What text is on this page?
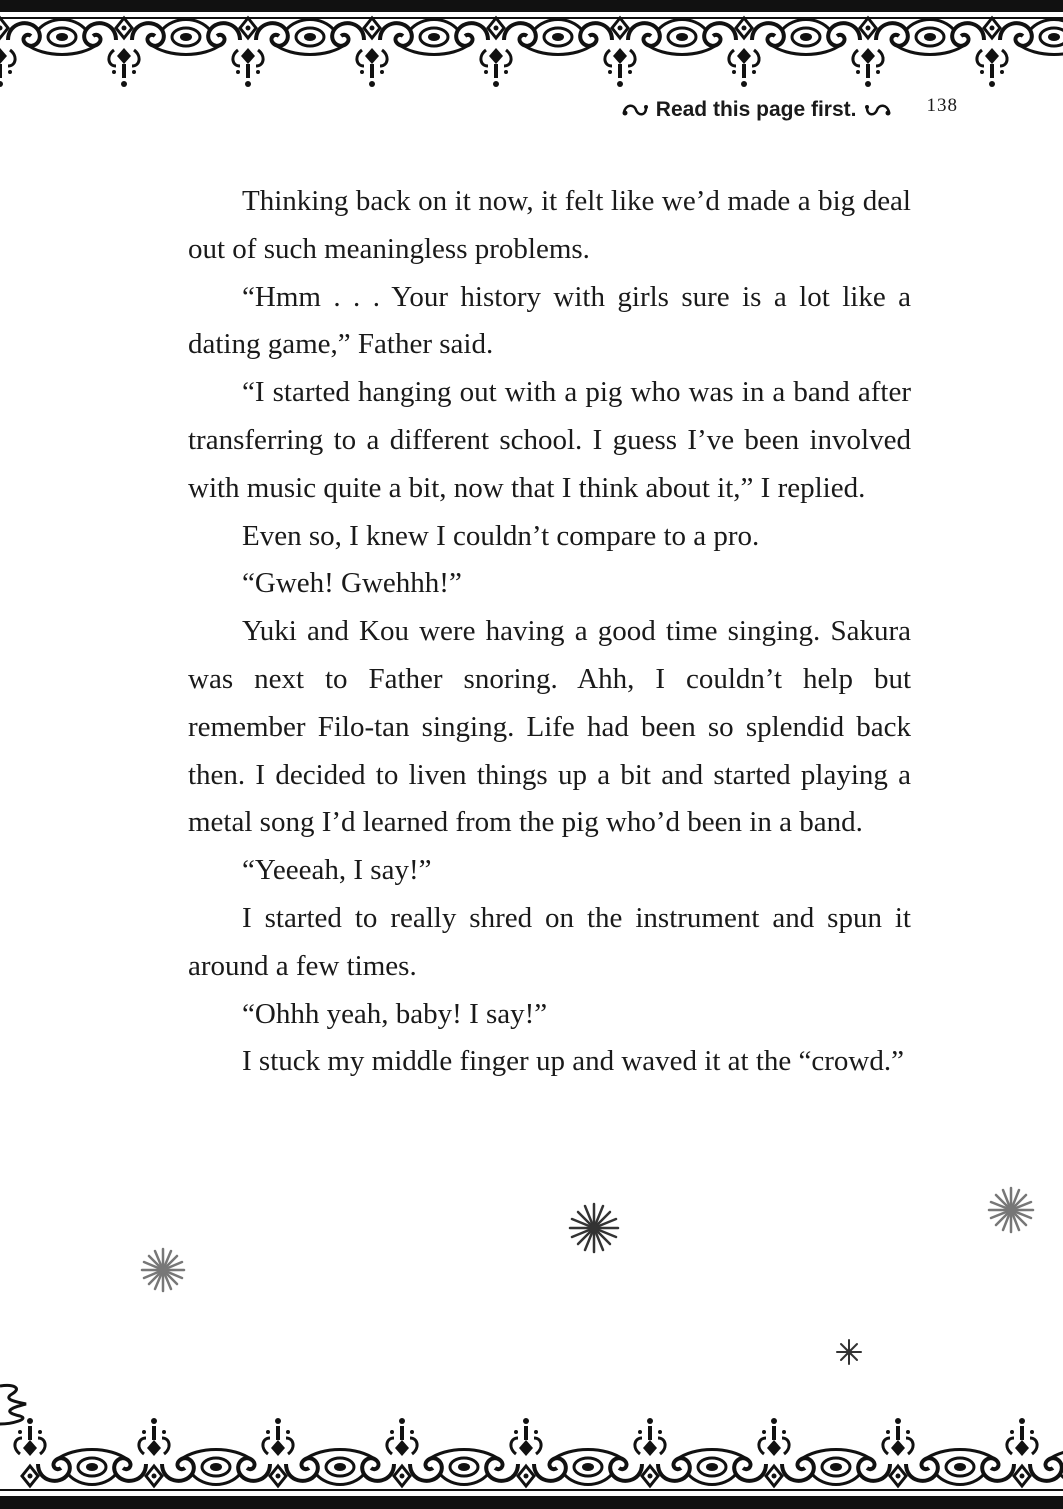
Read this page first.	138

Thinking back on it now, it felt like we’d made a big deal out of such meaningless problems.

“Hmm . . . Your history with girls sure is a lot like a dating game,” Father said.

“I started hanging out with a pig who was in a band after transferring to a different school. I guess I’ve been involved with music quite a bit, now that I think about it,” I replied.

Even so, I knew I couldn’t compare to a pro.

“Gweh! Gwehhh!”

Yuki and Kou were having a good time singing. Sakura was next to Father snoring. Ahh, I couldn’t help but remember Filo-tan singing. Life had been so splendid back then. I decided to liven things up a bit and started playing a metal song I’d learned from the pig who’d been in a band.

“Yeeeah, I say!”

I started to really shred on the instrument and spun it around a few times.

“Ohhh yeah, baby! I say!”

I stuck my middle finger up and waved it at the “crowd.”
